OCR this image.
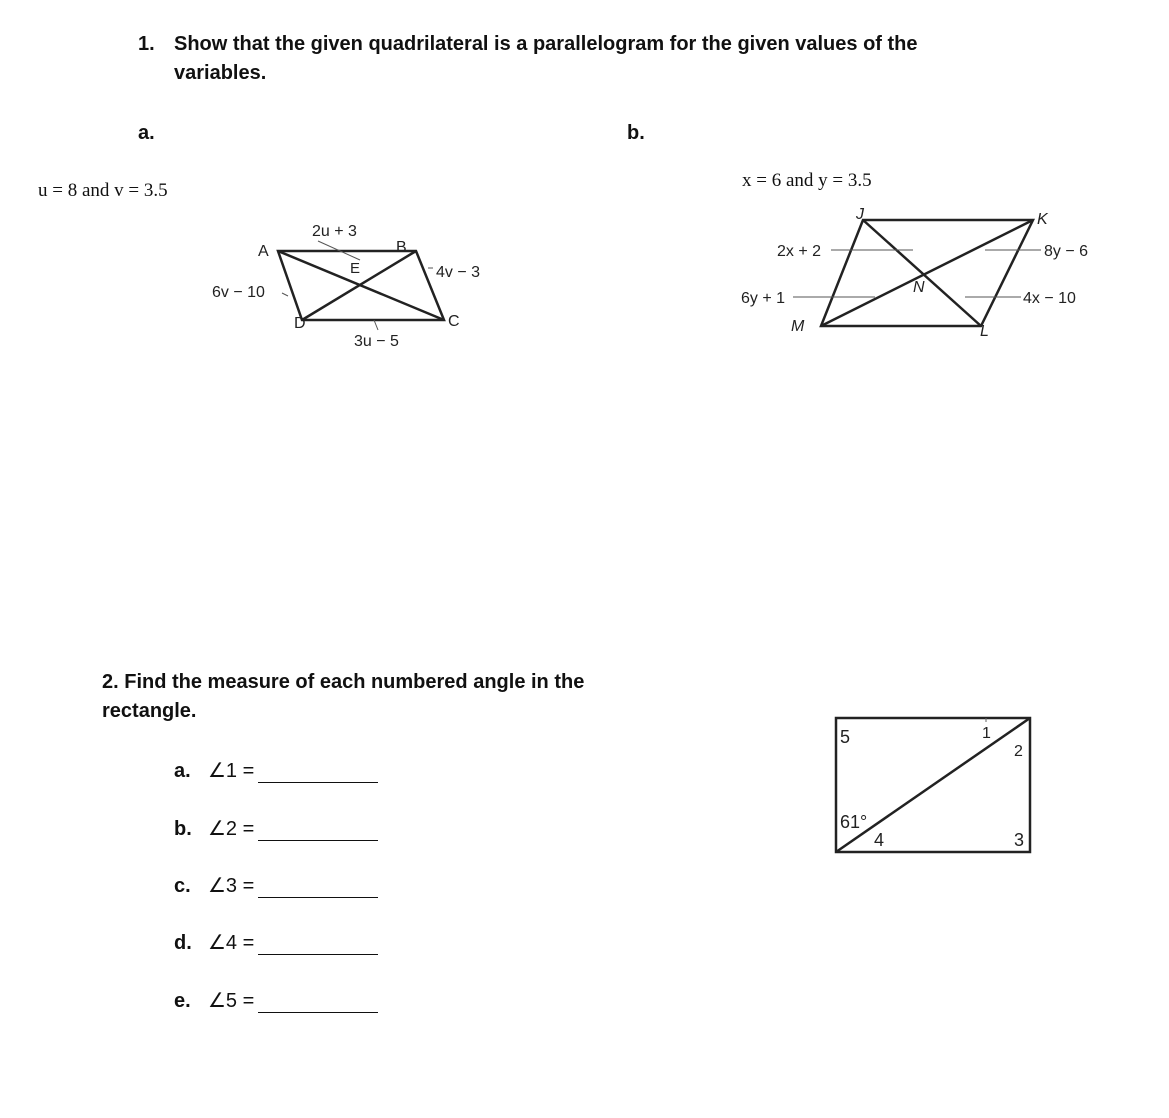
1. Show that the given quadrilateral is a parallelogram for the given values of the
variables.
a.
u = 8 and v = 3.5
A	B
C
D
E
2u + 3
4v − 3
6v − 10
3u − 5
b.
x = 6 and y = 3.5
J	K
L
M
N
2x + 2	8y − 6
6y + 1	4x − 10
2. Find the measure of each numbered angle in the
rectangle.
5	1
2
61°
4	3
a. ∠1 =
b. ∠2 =
c. ∠3 =
d. ∠4 =
e. ∠5 =
